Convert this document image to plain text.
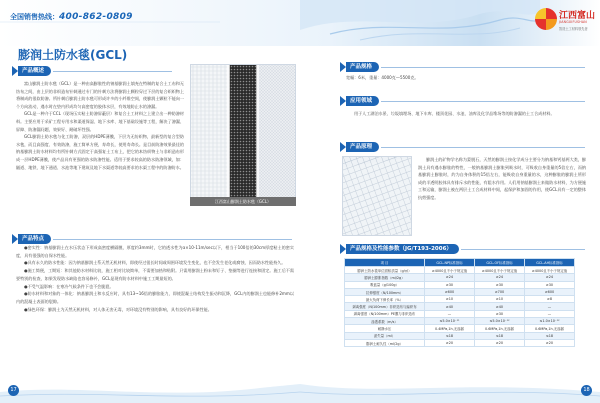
全国销售热线：400-862-0809	江西富山
JIANGXIFUSHAN
智造土工材料领先者
膨润土防水毯(GCL)
产品概述

富山膨润土防水毯（GCL）是一种由高膨胀性的钠基膨润土填充在特制的复合土工布和无纺布之间，由上层的非织造布针刺通过专门的针刺方法将膨润土颗粒穿过下层的复合织织物上将制成的很软防渗。所针刺后膨润土防水毯可形成许多的小纤维空间，使膨润土颗粒不能向一个方向流动，遇水时在垫内形成均匀高密度的胶体水层，有效地防止水的渗漏。

GCL是一种介于CCL（现场压实粘土防渗屏蔽层）和复合土工材料之上建立出一种防渗材料。主要应用于采矿工程专用水和渠道保湿、地下水库、地下基础设施等工程，解决了渗漏、屏障、防渗漏问题，效果好、耐破坏性强。

GCL膨润土防水毯与化工防渗，双层的HDPE薄膜，下层为无纺织物，最新型的复合型防水毯，而且高强度、有效防渗，施工简单方便，寿命长，使用寿命长。是目前防渗效果最佳的钠基膨润土防水材料均有所针刺方式固定于高强复土工布上，把它的本纺织物土与非织造布形成一层HDPE薄膜，使产品具有更强的防水防渗性能。适用于要求较高的防水防渗领域，如：隧道、地铁、地下通道、水池等地下建筑及地下水渠道等较高要求的水渠工程中的防渗防水。

江西富山膨润土防水毯（GCL）
产品特点

●密实性：钠基膨润土在水压状态下形成高密度横隔膜，厚度约3mm时，它的透水性为α×10-11m/sec以下，相当于100倍的30cm厚度粘土的密实度，具有很强的自保水性能。

●具有永久的防水性能：因为钠基膨润土系天然无机材料，即使经过很长时间或周围环境发生变化，也不会发生老化或腐蚀，因而防水性能持久。

●施工简便，工期短：和其他防水材料比较，施工相对比较简单，不需要加热和贴附。只需用膨润土粉末和钉子、垫圈等进行连接和固定。施工后不需要特别的检查，如果发现防水缺陷也容易修补，GCL是现有防水材料中施工工期最短的。

●不受气温影响：在寒冷气候条件下也不会脆裂。

●防水材料和对象的一体化：钠基膨润土和水反应时，具有13~16倍的膨胀能力，即使混凝土结构发生振动和沉降，GCL内的膨润土也能修补2mm以内的混凝土表面的裂隙。

●绿色环保：膨润土为天然无机材料，对人体无害无毒，对环境没有特别的影响，具有良好的环保性能。

产品规格

宽幅：6米，重量：4000克—5500克。

应用领域

用于人工湖泊水景、垃圾填埋场、地下车库、楼顶花园、水池、油库及化学品堆场等的防渗漏的土工合成材料。

产品原理

膨润土的矿物学名称为蒙脱石，天然的膨润土按化学成分主要分为钠基和钙基两大类，膨润土具有遇水膨胀的特性，一般钠基膨润土膨胀到吸水时，可吸收自身重量的5倍左右，而钠基膨润土膨胀时，约为自身体积的15倍左右，能吸收自身重量的水，这种膨胀的膨润土所形成的半透明胶体具有排斥水的性能，有阻水作用。人们用钠基膨润土来做防水材料，为方便施工和运输，膨润土被在两层土工合成材料中间，起保护和加固的作用，使GCL具有一定的整体抗剪强度。

产品规格及性能参数（JG/T193-2006）
项 目	GCL-NP标准指标	GCL-OF标准指标	GCL-AH标准指标
膨润土防水毯单位面积质量（g/㎡）	≥4000且不小于规定值	≥4000且不小于规定值	≥4000且不小于规定值
膨润土膨胀指数（ml/2g）	≥24	≥24	≥24
吸蓝量（g/100g）	≥30	≥30	≥30
拉伸强度（N/100mm）	≥600	≥700	≥600
最大负荷下伸长率（%）	≥10	≥10	≥8
剥离强度（N/100mm）非织造布与编织布	≥40	≥40	—
剥离强度（N/100mm）PE膜与非织造布	—	≥30	—
渗透系数（m/s）	≤5.0×10⁻¹¹	≤5.0×10⁻¹²	≤1.0×10⁻¹²
耐静水压	0.4MPa,1h,无渗漏	0.6MPa,1h,无渗漏	0.6MPa,1h,无渗漏
滤失量（ml）	≤18	≤18	≤18
膨润土耐久性（ml/2g）	≥20	≥20	≥20
17	18
